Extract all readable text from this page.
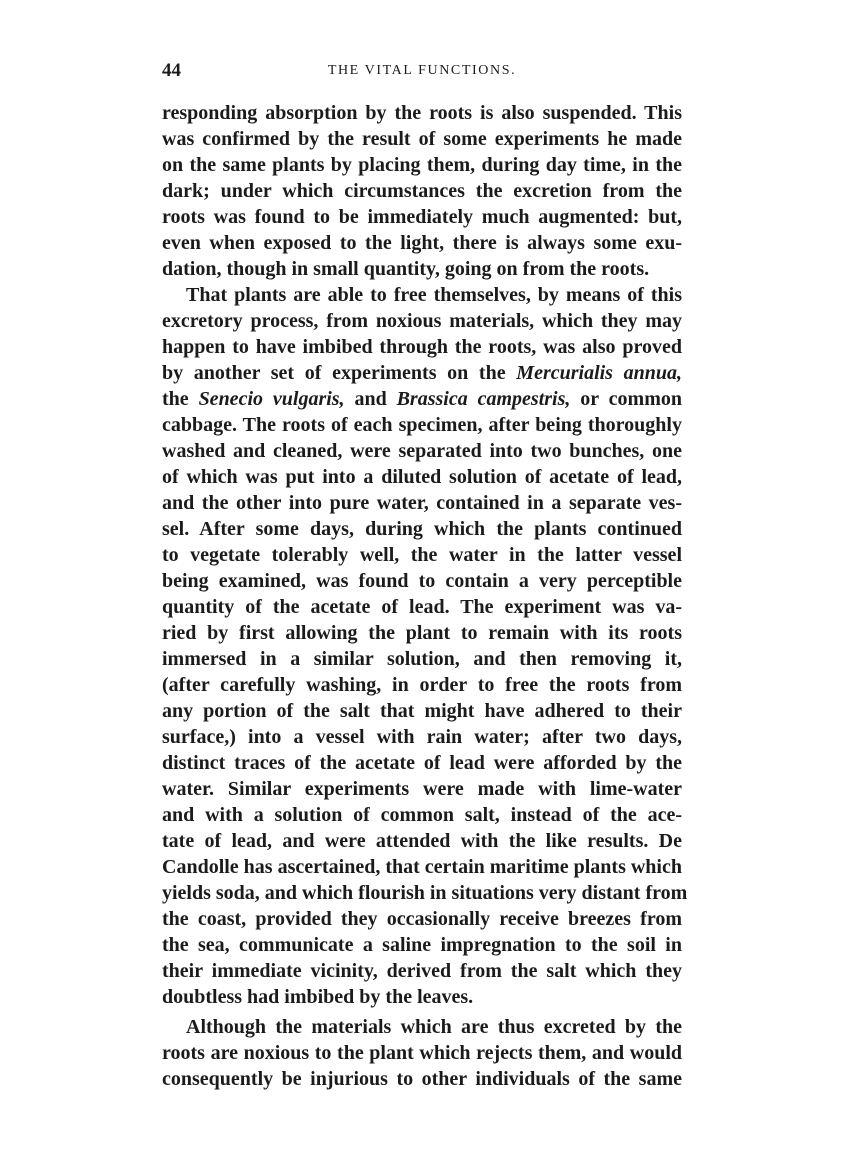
44	THE VITAL FUNCTIONS.
responding absorption by the roots is also suspended. This
was confirmed by the result of some experiments he made
on the same plants by placing them, during day time, in the
dark; under which circumstances the excretion from the
roots was found to be immediately much augmented: but,
even when exposed to the light, there is always some exu-
dation, though in small quantity, going on from the roots.
That plants are able to free themselves, by means of this
excretory process, from noxious materials, which they may
happen to have imbibed through the roots, was also proved
by another set of experiments on the Mercurialis annua,
the Senecio vulgaris, and Brassica campestris, or common
cabbage. The roots of each specimen, after being thoroughly
washed and cleaned, were separated into two bunches, one
of which was put into a diluted solution of acetate of lead,
and the other into pure water, contained in a separate ves-
sel. After some days, during which the plants continued
to vegetate tolerably well, the water in the latter vessel
being examined, was found to contain a very perceptible
quantity of the acetate of lead. The experiment was va-
ried by first allowing the plant to remain with its roots
immersed in a similar solution, and then removing it,
(after carefully washing, in order to free the roots from
any portion of the salt that might have adhered to their
surface,) into a vessel with rain water; after two days,
distinct traces of the acetate of lead were afforded by the
water. Similar experiments were made with lime-water
and with a solution of common salt, instead of the ace-
tate of lead, and were attended with the like results. De
Candolle has ascertained, that certain maritime plants which
yields soda, and which flourish in situations very distant from
the coast, provided they occasionally receive breezes from
the sea, communicate a saline impregnation to the soil in
their immediate vicinity, derived from the salt which they
doubtless had imbibed by the leaves.
Although the materials which are thus excreted by the
roots are noxious to the plant which rejects them, and would
consequently be injurious to other individuals of the same
